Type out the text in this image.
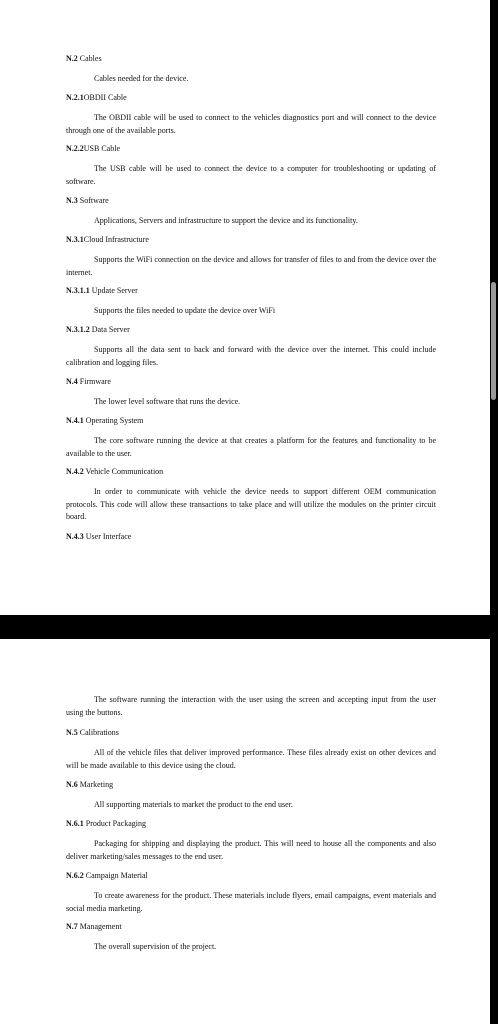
N.2 Cables

Cables needed for the device.

N.2.1OBDII Cable

The OBDII cable will be used to connect to the vehicles diagnostics port and will connect to the device through one of the available ports.

N.2.2USB Cable

The USB cable will be used to connect the device to a computer for troubleshooting or updating of software.

N.3 Software

Applications, Servers and infrastructure to support the device and its functionality.

N.3.1Cloud Infrastructure

Supports the WiFi connection on the device and allows for transfer of files to and from the device over the internet.

N.3.1.1 Update Server

Supports the files needed to update the device over WiFi

N.3.1.2 Data Server

Supports all the data sent to back and forward with the device over the internet. This could include calibration and logging files.

N.4 Firmware

The lower level software that runs the device.

N.4.1 Operating System

The core software running the device at that creates a platform for the features and functionality to be available to the user.

N.4.2 Vehicle Communication

In order to communicate with vehicle the device needs to support different OEM communication protocols. This code will allow these transactions to take place and will utilize the modules on the printer circuit board.

N.4.3 User Interface

The software running the interaction with the user using the screen and accepting input from the user using the buttons.

N.5 Calibrations

All of the vehicle files that deliver improved performance. These files already exist on other devices and will be made available to this device using the cloud.

N.6 Marketing

All supporting materials to market the product to the end user.

N.6.1 Product Packaging

Packaging for shipping and displaying the product. This will need to house all the components and also deliver marketing/sales messages to the end user.

N.6.2 Campaign Material

To create awareness for the product. These materials include flyers, email campaigns, event materials and social media marketing.

N.7 Management

The overall supervision of the project.
